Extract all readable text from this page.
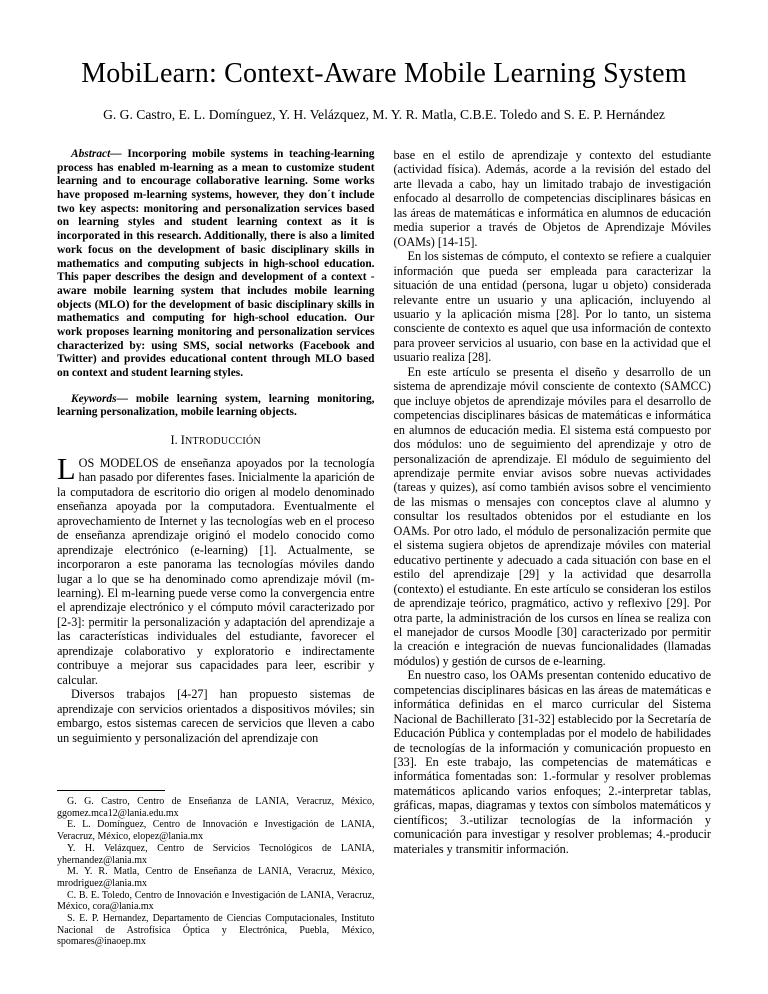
MobiLearn: Context-Aware Mobile Learning System
G. G. Castro, E. L. Domínguez, Y. H. Velázquez, M. Y. R. Matla, C.B.E. Toledo and S. E. P. Hernández

Abstract— Incorporing mobile systems in teaching-learning process has enabled m-learning as a mean to customize student learning and to encourage collaborative learning. Some works have proposed m-learning systems, however, they don´t include two key aspects: monitoring and personalization services based on learning styles and student learning context as it is incorporated in this research. Additionally, there is also a limited work focus on the development of basic disciplinary skills in mathematics and computing subjects in high-school education. This paper describes the design and development of a context - aware mobile learning system that includes mobile learning objects (MLO) for the development of basic disciplinary skills in mathematics and computing for high-school education. Our work proposes learning monitoring and personalization services characterized by: using SMS, social networks (Facebook and Twitter) and provides educational content through MLO based on context and student learning styles.

Keywords— mobile learning system, learning monitoring, learning personalization, mobile learning objects.

I. INTRODUCCIÓN

LOS MODELOS de enseñanza apoyados por la tecnología han pasado por diferentes fases. Inicialmente la aparición de la computadora de escritorio dio origen al modelo denominado enseñanza apoyada por la computadora. Eventualmente el aprovechamiento de Internet y las tecnologías web en el proceso de enseñanza aprendizaje originó el modelo conocido como aprendizaje electrónico (e-learning) [1]. Actualmente, se incorporaron a este panorama las tecnologías móviles dando lugar a lo que se ha denominado como aprendizaje móvil (m-learning). El m-learning puede verse como la convergencia entre el aprendizaje electrónico y el cómputo móvil caracterizado por [2-3]: permitir la personalización y adaptación del aprendizaje a las características individuales del estudiante, favorecer el aprendizaje colaborativo y exploratorio e indirectamente contribuye a mejorar sus capacidades para leer, escribir y calcular.

Diversos trabajos [4-27] han propuesto sistemas de aprendizaje con servicios orientados a dispositivos móviles; sin embargo, estos sistemas carecen de servicios que lleven a cabo un seguimiento y personalización del aprendizaje con

G. G. Castro, Centro de Enseñanza de LANIA, Veracruz, México, ggomez.mca12@lania.edu.mx

E. L. Domínguez, Centro de Innovación e Investigación de LANIA, Veracruz, México, elopez@lania.mx

Y. H. Velázquez, Centro de Servicios Tecnológicos de LANIA, yhernandez@lania.mx

M. Y. R. Matla, Centro de Enseñanza de LANIA, Veracruz, México, mrodriguez@lania.mx

C. B. E. Toledo, Centro de Innovación e Investigación de LANIA, Veracruz, México, cora@lania.mx

S. E. P. Hernandez, Departamento de Ciencias Computacionales, Instituto Nacional de Astrofísica Óptica y Electrónica, Puebla, México, spomares@inaoep.mx

base en el estilo de aprendizaje y contexto del estudiante (actividad física). Además, acorde a la revisión del estado del arte llevada a cabo, hay un limitado trabajo de investigación enfocado al desarrollo de competencias disciplinares básicas en las áreas de matemáticas e informática en alumnos de educación media superior a través de Objetos de Aprendizaje Móviles (OAMs) [14-15].

En los sistemas de cómputo, el contexto se refiere a cualquier información que pueda ser empleada para caracterizar la situación de una entidad (persona, lugar u objeto) considerada relevante entre un usuario y una aplicación, incluyendo al usuario y la aplicación misma [28]. Por lo tanto, un sistema consciente de contexto es aquel que usa información de contexto para proveer servicios al usuario, con base en la actividad que el usuario realiza [28].

En este artículo se presenta el diseño y desarrollo de un sistema de aprendizaje móvil consciente de contexto (SAMCC) que incluye objetos de aprendizaje móviles para el desarrollo de competencias disciplinares básicas de matemáticas e informática en alumnos de educación media. El sistema está compuesto por dos módulos: uno de seguimiento del aprendizaje y otro de personalización de aprendizaje. El módulo de seguimiento del aprendizaje permite enviar avisos sobre nuevas actividades (tareas y quizes), así como también avisos sobre el vencimiento de las mismas o mensajes con conceptos clave al alumno y consultar los resultados obtenidos por el estudiante en los OAMs. Por otro lado, el módulo de personalización permite que el sistema sugiera objetos de aprendizaje móviles con material educativo pertinente y adecuado a cada situación con base en el estilo del aprendizaje [29] y la actividad que desarrolla (contexto) el estudiante. En este artículo se consideran los estilos de aprendizaje teórico, pragmático, activo y reflexivo [29]. Por otra parte, la administración de los cursos en línea se realiza con el manejador de cursos Moodle [30] caracterizado por permitir la creación e integración de nuevas funcionalidades (llamadas módulos) y gestión de cursos de e-learning.

En nuestro caso, los OAMs presentan contenido educativo de competencias disciplinares básicas en las áreas de matemáticas e informática definidas en el marco curricular del Sistema Nacional de Bachillerato [31-32] establecido por la Secretaría de Educación Pública y contempladas por el modelo de habilidades de tecnologías de la información y comunicación propuesto en [33]. En este trabajo, las competencias de matemáticas e informática fomentadas son: 1.-formular y resolver problemas matemáticos aplicando varios enfoques; 2.-interpretar tablas, gráficas, mapas, diagramas y textos con símbolos matemáticos y científicos; 3.-utilizar tecnologías de la información y comunicación para investigar y resolver problemas; 4.-producir materiales y transmitir información.
